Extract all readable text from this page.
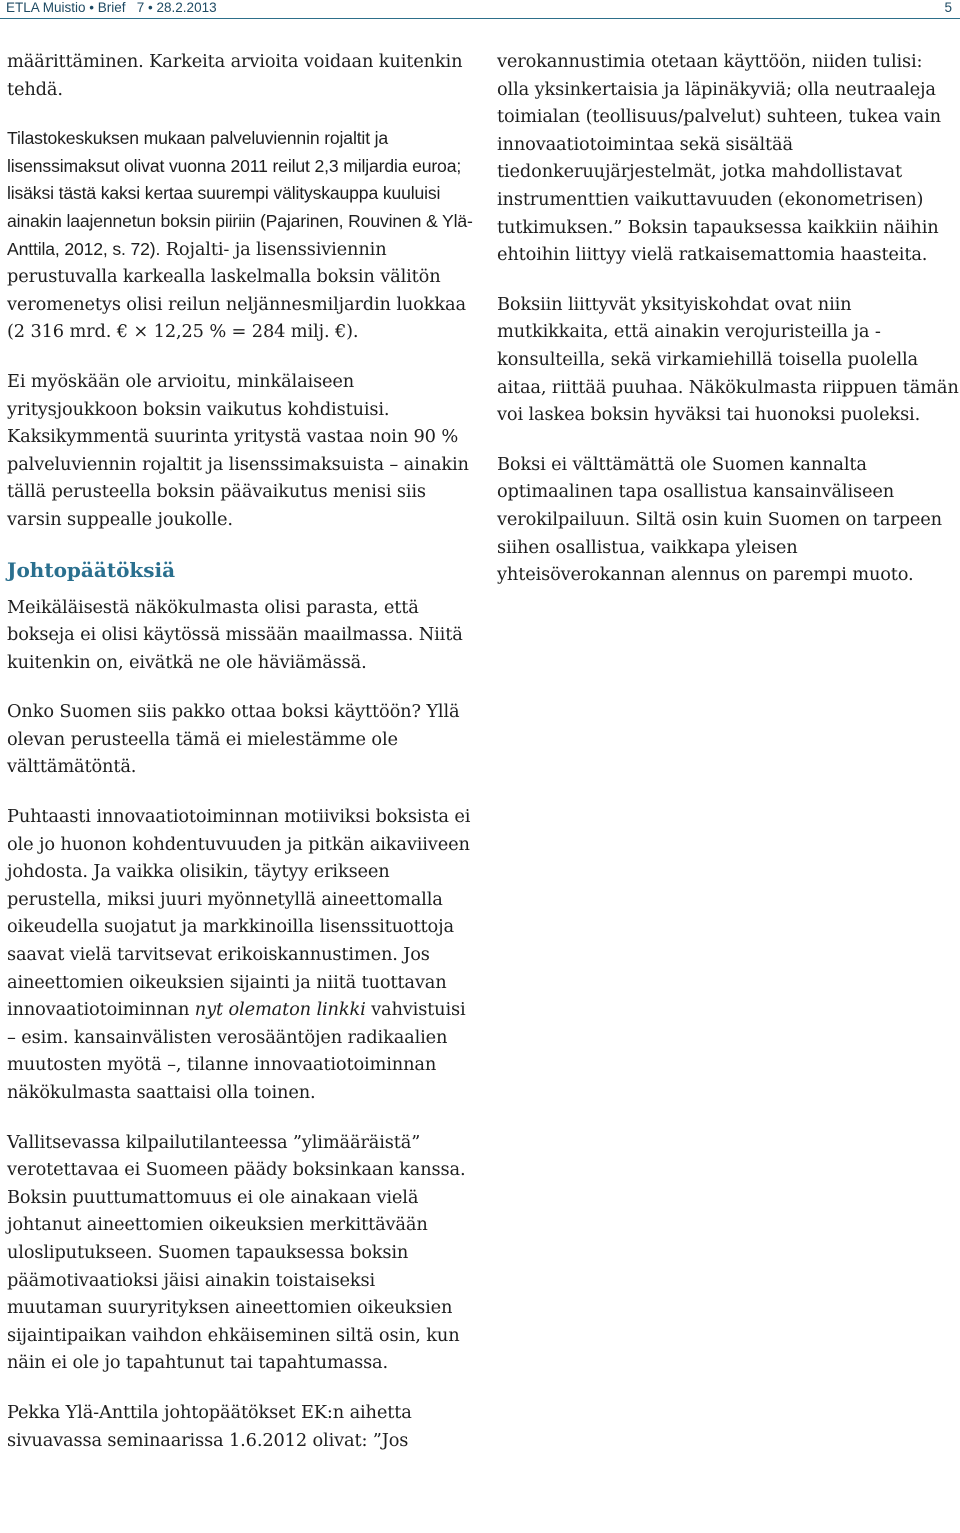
ETLA Muistio • Brief 7 • 28.2.2013	5

määrittäminen. Karkeita arvioita voidaan kuitenkin tehdä.

Tilastokeskuksen mukaan palveluviennin rojaltit ja lisenssimaksut olivat vuonna 2011 reilut 2,3 miljardia euroa; lisäksi tästä kaksi kertaa suurempi välityskauppa kuuluisi ainakin laajennetun boksin piiriin (Pajarinen, Rouvinen & Ylä-Anttila, 2012, s. 72). Rojalti- ja lisenssiviennin perustuvalla karkealla laskelmalla boksin välitön veromenetys olisi reilun neljännesmiljardin luokkaa (2 316 mrd. € × 12,25 % = 284 milj. €).

Ei myöskään ole arvioitu, minkälaiseen yritysjoukkoon boksin vaikutus kohdistuisi. Kaksikymmentä suurinta yritystä vastaa noin 90 % palveluviennin rojaltit ja lisenssimaksuista – ainakin tällä perusteella boksin päävaikutus menisi siis varsin suppealle joukolle.

Johtopäätöksiä

Meikäläisestä näkökulmasta olisi parasta, että bokseja ei olisi käytössä missään maailmassa. Niitä kuitenkin on, eivätkä ne ole häviämässä.

Onko Suomen siis pakko ottaa boksi käyttöön? Yllä olevan perusteella tämä ei mielestämme ole välttämätöntä.

Puhtaasti innovaatiotoiminnan motiiviksi boksista ei ole jo huonon kohdentuvuuden ja pitkän aikaviiveen johdosta. Ja vaikka olisikin, täytyy erikseen perustella, miksi juuri myönnetyllä aineettomalla oikeudella suojatut ja markkinoilla lisenssituottoja saavat vielä tarvitsevat erikoiskannustimen. Jos aineettomien oikeuksien sijainti ja niitä tuottavan innovaatiotoiminnan nyt olematon linkki vahvistuisi – esim. kansainvälisten verosääntöjen radikaalien muutosten myötä –, tilanne innovaatiotoiminnan näkökulmasta saattaisi olla toinen.

Vallitsevassa kilpailutilanteessa ”ylimääräistä” verotettavaa ei Suomeen päädy boksinkaan kanssa. Boksin puuttumattomuus ei ole ainakaan vielä johtanut aineettomien oikeuksien merkittävään ulosliputukseen. Suomen tapauksessa boksin päämotivaatioksi jäisi ainakin toistaiseksi muutaman suuryrityksen aineettomien oikeuksien sijaintipaikan vaihdon ehkäiseminen siltä osin, kun näin ei ole jo tapahtunut tai tapahtumassa.

Pekka Ylä-Anttila johtopäätökset EK:n aihetta sivuavassa seminaarissa 1.6.2012 olivat: ”Jos

verokannustimia otetaan käyttöön, niiden tulisi: olla yksinkertaisia ja läpinäkyviä; olla neutraaleja toimialan (teollisuus/palvelut) suhteen, tukea vain innovaatiotoimintaa sekä sisältää tiedonkeruujärjestelmät, jotka mahdollistavat instrumenttien vaikuttavuuden (ekonometrisen) tutkimuksen.” Boksin tapauksessa kaikkiin näihin ehtoihin liittyy vielä ratkaisemattomia haasteita.

Boksiin liittyvät yksityiskohdat ovat niin mutkikkaita, että ainakin verojuristeilla ja -konsulteilla, sekä virkamiehillä toisella puolella aitaa, riittää puuhaa. Näkökulmasta riippuen tämän voi laskea boksin hyväksi tai huonoksi puoleksi.

Boksi ei välttämättä ole Suomen kannalta optimaalinen tapa osallistua kansainväliseen verokilpailuun. Siltä osin kuin Suomen on tarpeen siihen osallistua, vaikkapa yleisen yhteisöverokannan alennus on parempi muoto.
